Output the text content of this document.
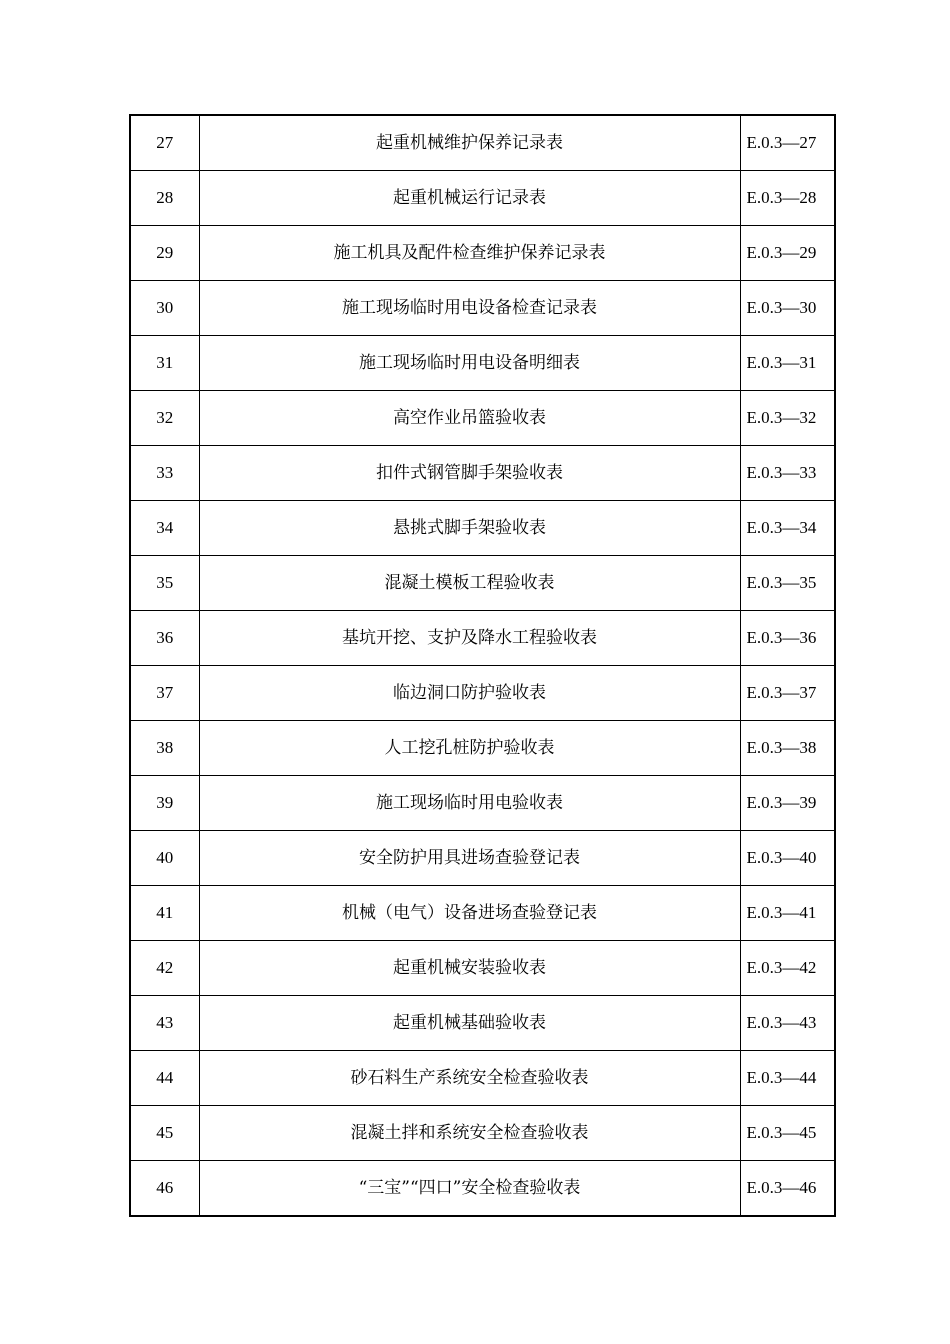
27	起重机械维护保养记录表	E.0.3—27
28	起重机械运行记录表	E.0.3—28
29	施工机具及配件检查维护保养记录表	E.0.3—29
30	施工现场临时用电设备检查记录表	E.0.3—30
31	施工现场临时用电设备明细表	E.0.3—31
32	高空作业吊篮验收表	E.0.3—32
33	扣件式钢管脚手架验收表	E.0.3—33
34	悬挑式脚手架验收表	E.0.3—34
35	混凝土模板工程验收表	E.0.3—35
36	基坑开挖、支护及降水工程验收表	E.0.3—36
37	临边洞口防护验收表	E.0.3—37
38	人工挖孔桩防护验收表	E.0.3—38
39	施工现场临时用电验收表	E.0.3—39
40	安全防护用具进场查验登记表	E.0.3—40
41	机械（电气）设备进场查验登记表	E.0.3—41
42	起重机械安装验收表	E.0.3—42
43	起重机械基础验收表	E.0.3—43
44	砂石料生产系统安全检查验收表	E.0.3—44
45	混凝土拌和系统安全检查验收表	E.0.3—45
46	“三宝”“四口”安全检查验收表	E.0.3—46
